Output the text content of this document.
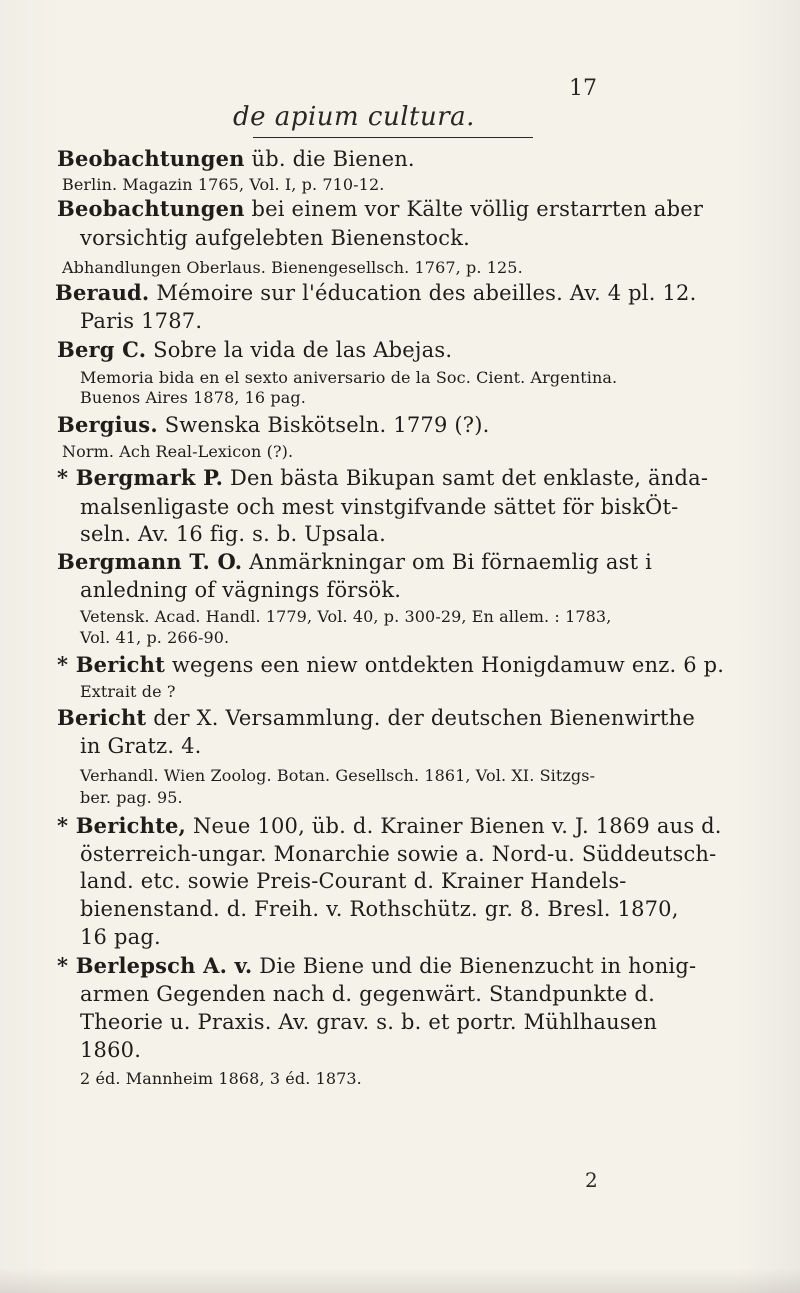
de apium cultura.
17
Beobachtungen üb. die Bienen.
Berlin. Magazin 1765, Vol. I, p. 710-12.
Beobachtungen bei einem vor Kälte völlig erstarrten aber
vorsichtig aufgelebten Bienenstock.
Abhandlungen Oberlaus. Bienengesellsch. 1767, p. 125.
Beraud. Mémoire sur l'éducation des abeilles. Av. 4 pl. 12.
Paris 1787.
Berg C. Sobre la vida de las Abejas.
Memoria bida en el sexto aniversario de la Soc. Cient. Argentina.
Buenos Aires 1878, 16 pag.
Bergius. Swenska Biskötseln. 1779 (?).
Norm. Ach Real-Lexicon (?).
* Bergmark P. Den bästa Bikupan samt det enklaste, ända-
malsenligaste och mest vinstgifvande sättet för biskÖt-
seln. Av. 16 fig. s. b. Upsala.
Bergmann T. O. Anmärkningar om Bi förnaemlig ast i
anledning of vägnings försök.
Vetensk. Acad. Handl. 1779, Vol. 40, p. 300-29, En allem. : 1783,
Vol. 41, p. 266-90.
* Bericht wegens een niew ontdekten Honigdamuw enz. 6 p.
Extrait de ?
Bericht der X. Versammlung. der deutschen Bienenwirthe
in Gratz. 4.
Verhandl. Wien Zoolog. Botan. Gesellsch. 1861, Vol. XI. Sitzgs-
ber. pag. 95.
* Berichte, Neue 100, üb. d. Krainer Bienen v. J. 1869 aus d.
österreich-ungar. Monarchie sowie a. Nord-u. Süddeutsch-
land. etc. sowie Preis-Courant d. Krainer Handels-
bienenstand. d. Freih. v. Rothschütz. gr. 8. Bresl. 1870,
16 pag.
* Berlepsch A. v. Die Biene und die Bienenzucht in honig-
armen Gegenden nach d. gegenwärt. Standpunkte d.
Theorie u. Praxis. Av. grav. s. b. et portr. Mühlhausen
1860.
2 éd. Mannheim 1868, 3 éd. 1873.
2
